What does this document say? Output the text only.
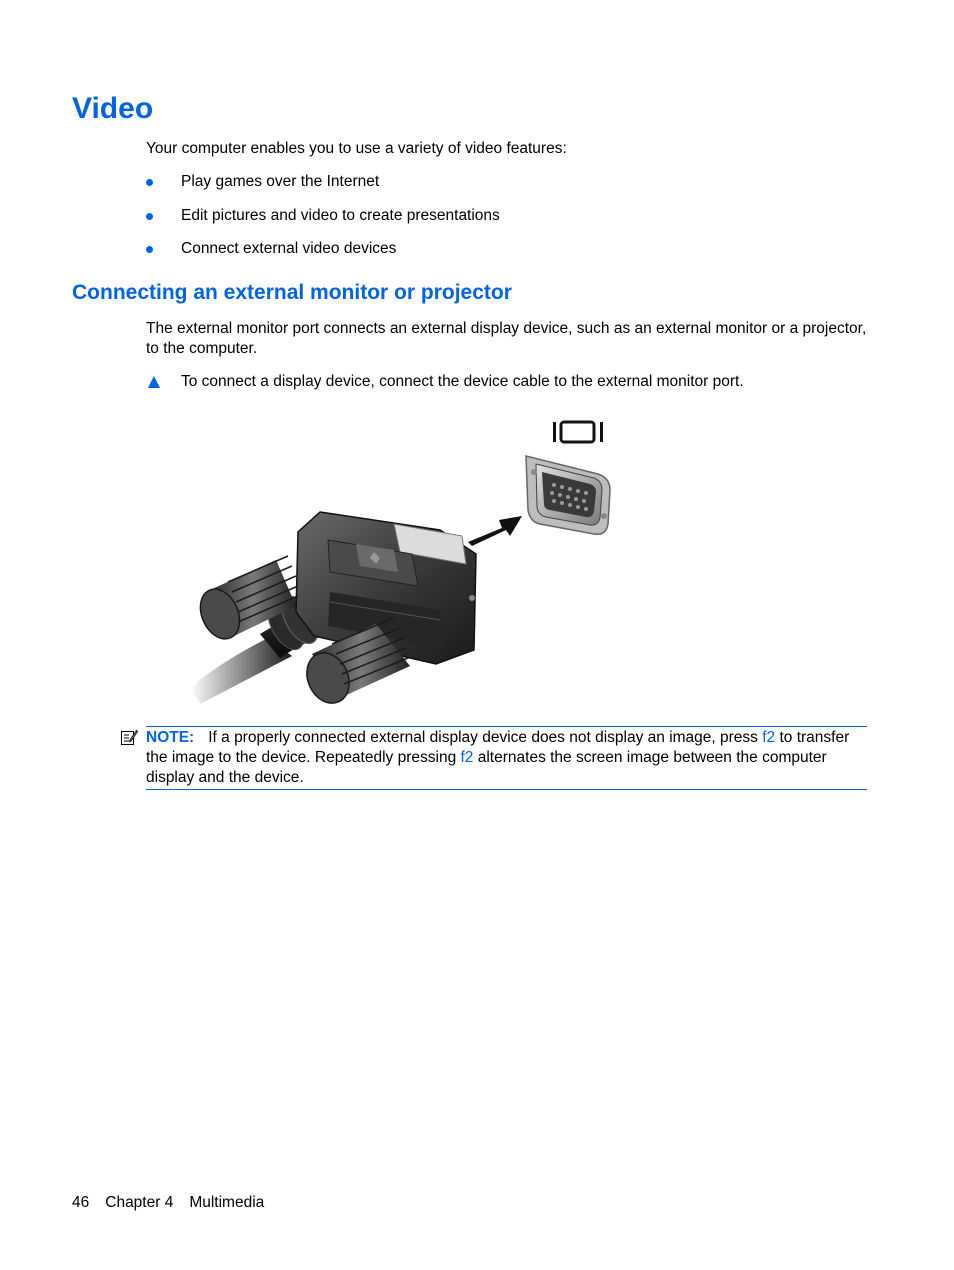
Video

Your computer enables you to use a variety of video features:

Play games over the Internet
Edit pictures and video to create presentations
Connect external video devices
Connecting an external monitor or projector

The external monitor port connects an external display device, such as an external monitor or a projector, to the computer.

To connect a display device, connect the device cable to the external monitor port.
NOTE: If a properly connected external display device does not display an image, press f2 to transfer the image to the device. Repeatedly pressing f2 alternates the screen image between the computer display and the device.
46 Chapter 4 Multimedia
